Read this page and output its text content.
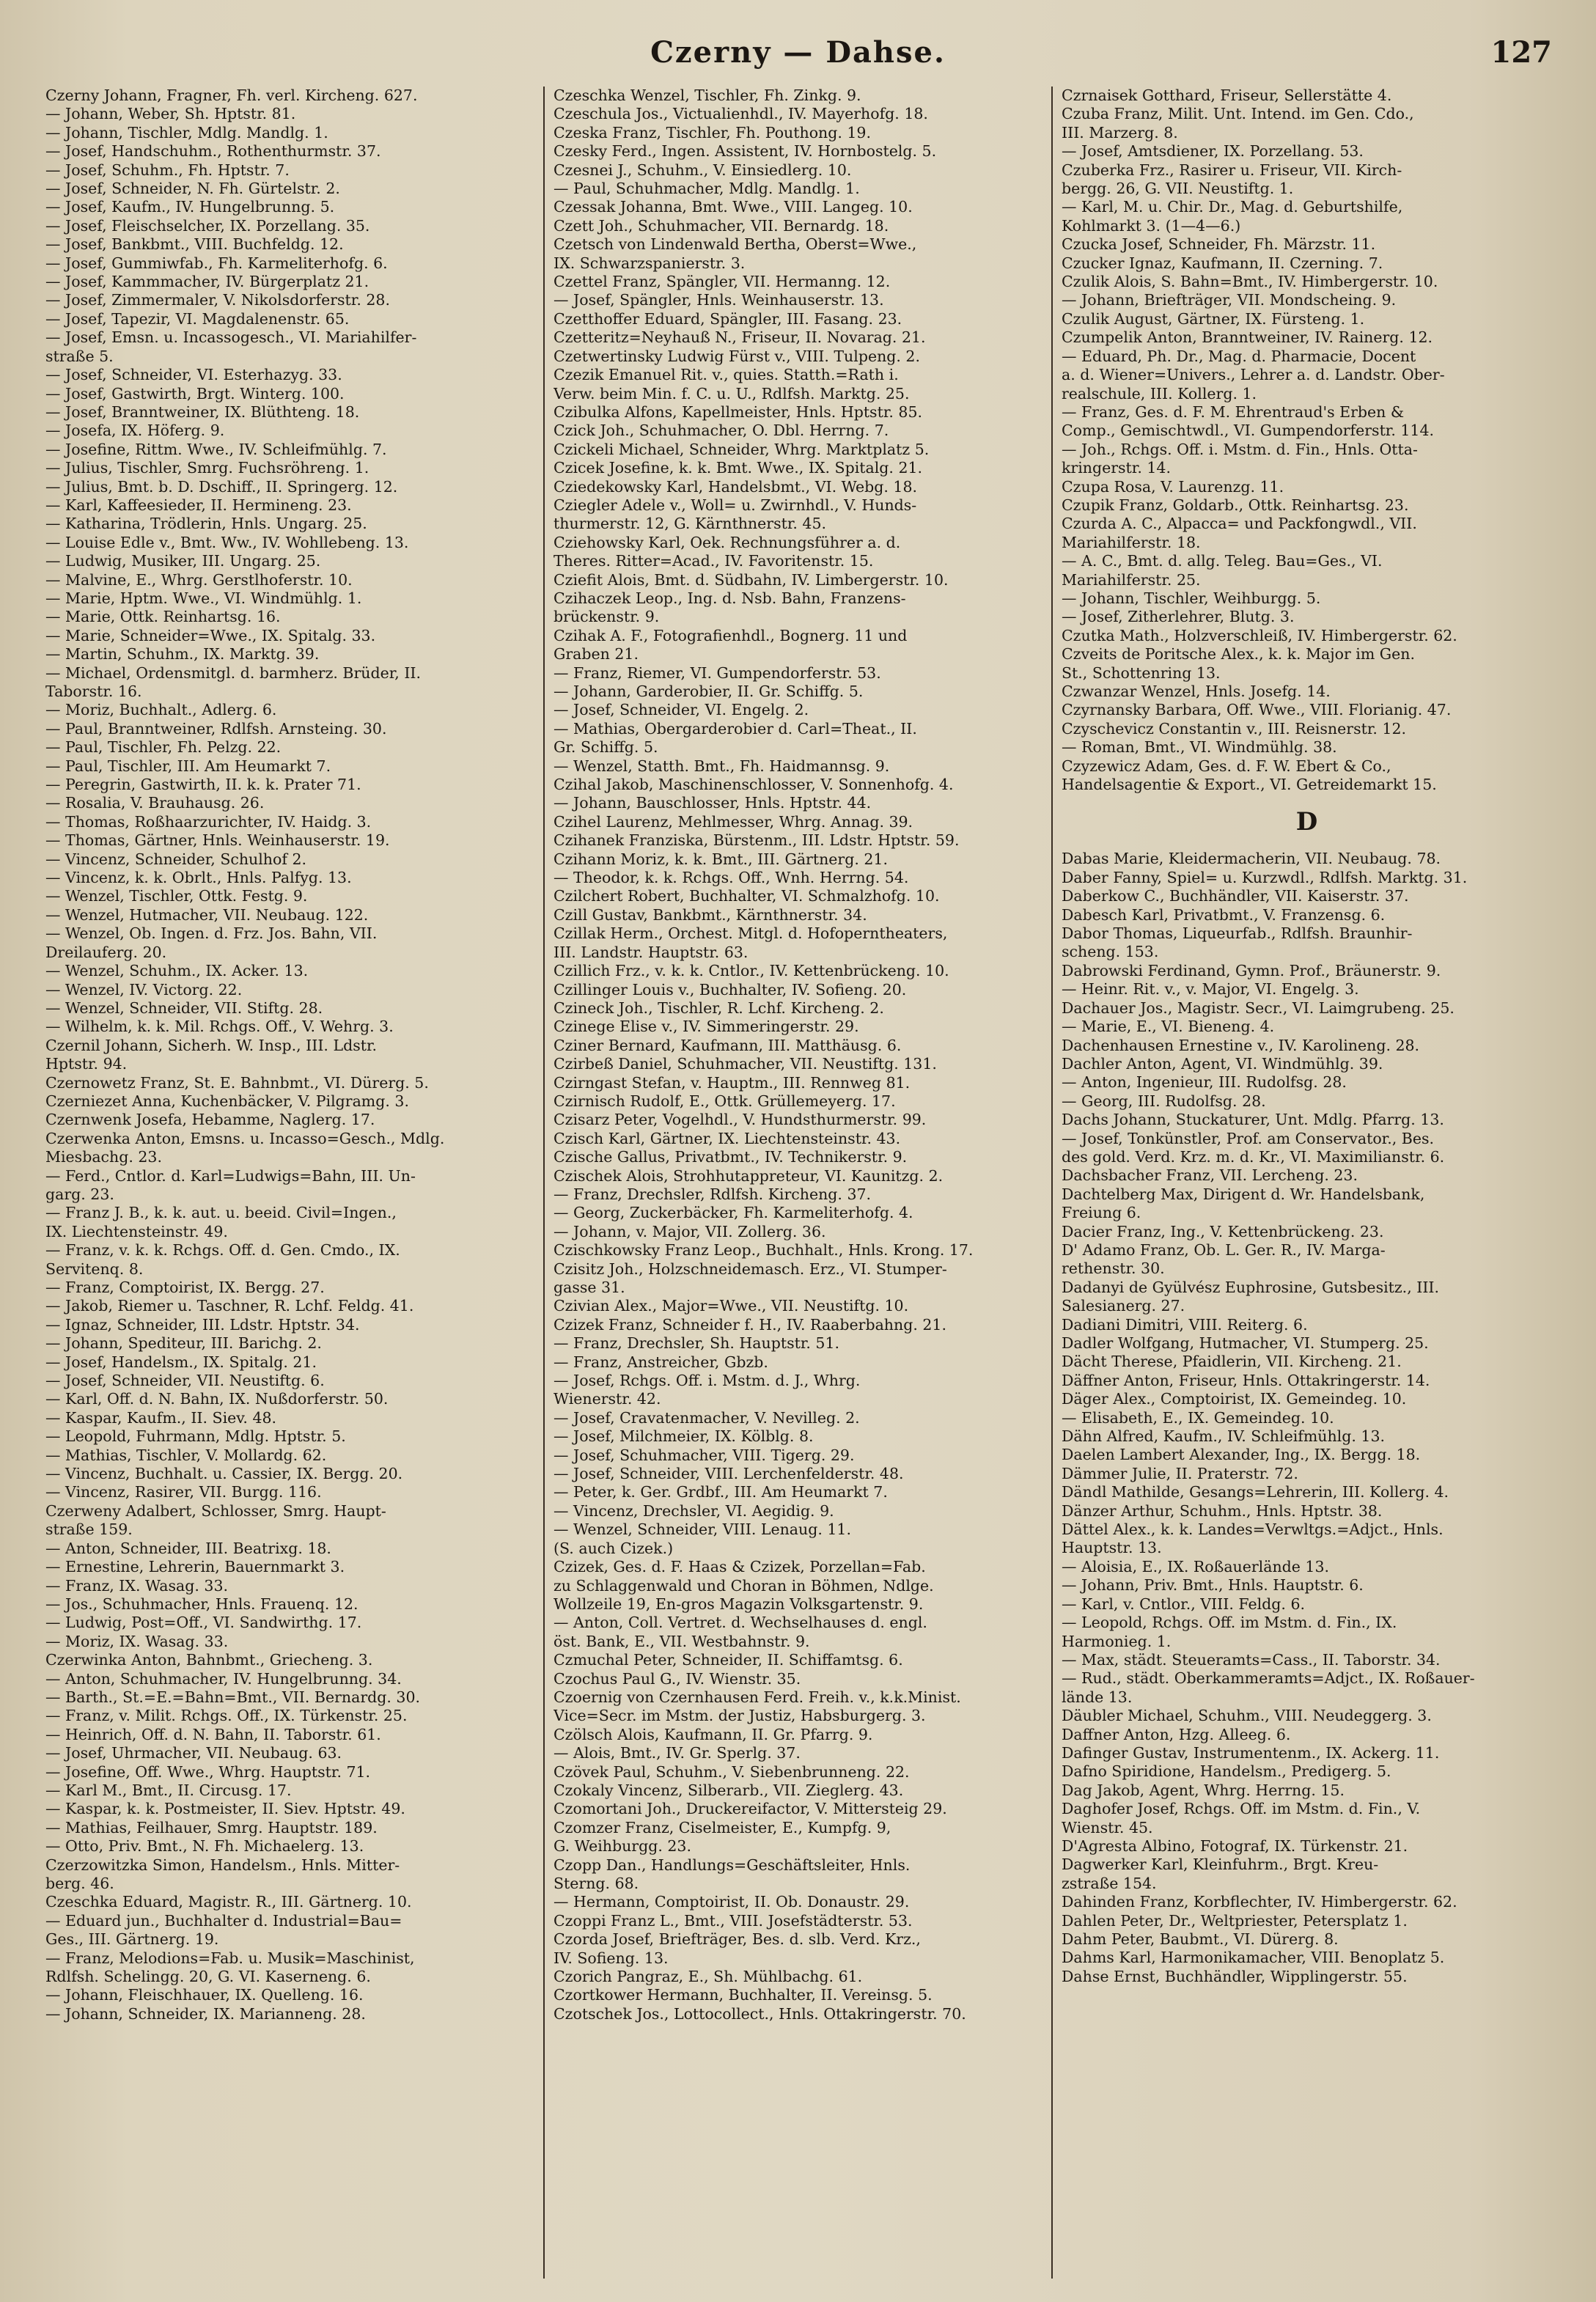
Czerny — Dahse.	127
Czerny Johann, Fragner, Fh. verl. Kircheng. 627.
— Johann, Weber, Sh. Hptstr. 81.
— Johann, Tischler, Mdlg. Mandlg. 1.
— Josef, Handschuhm., Rothenthurmstr. 37.
— Josef, Schuhm., Fh. Hptstr. 7.
— Josef, Schneider, N. Fh. Gürtelstr. 2.
— Josef, Kaufm., IV. Hungelbrunng. 5.
— Josef, Fleischselcher, IX. Porzellang. 35.
— Josef, Bankbmt., VIII. Buchfeldg. 12.
— Josef, Gummiwfab., Fh. Karmeliterhofg. 6.
— Josef, Kammmacher, IV. Bürgerplatz 21.
— Josef, Zimmermaler, V. Nikolsdorferstr. 28.
— Josef, Tapezir, VI. Magdalenenstr. 65.
— Josef, Emsn. u. Incassogesch., VI. Mariahilfer-
straße 5.
— Josef, Schneider, VI. Esterhazyg. 33.
— Josef, Gastwirth, Brgt. Winterg. 100.
— Josef, Branntweiner, IX. Blüthteng. 18.
— Josefa, IX. Höferg. 9.
— Josefine, Rittm. Wwe., IV. Schleifmühlg. 7.
— Julius, Tischler, Smrg. Fuchsröhreng. 1.
— Julius, Bmt. b. D. Dschiff., II. Springerg. 12.
— Karl, Kaffeesieder, II. Hermineng. 23.
— Katharina, Trödlerin, Hnls. Ungarg. 25.
— Louise Edle v., Bmt. Ww., IV. Wohllebeng. 13.
— Ludwig, Musiker, III. Ungarg. 25.
— Malvine, E., Whrg. Gerstlhoferstr. 10.
— Marie, Hptm. Wwe., VI. Windmühlg. 1.
— Marie, Ottk. Reinhartsg. 16.
— Marie, Schneider=Wwe., IX. Spitalg. 33.
— Martin, Schuhm., IX. Marktg. 39.
— Michael, Ordensmitgl. d. barmherz. Brüder, II.
Taborstr. 16.
— Moriz, Buchhalt., Adlerg. 6.
— Paul, Branntweiner, Rdlfsh. Arnsteing. 30.
— Paul, Tischler, Fh. Pelzg. 22.
— Paul, Tischler, III. Am Heumarkt 7.
— Peregrin, Gastwirth, II. k. k. Prater 71.
— Rosalia, V. Brauhausg. 26.
— Thomas, Roßhaarzurichter, IV. Haidg. 3.
— Thomas, Gärtner, Hnls. Weinhauserstr. 19.
— Vincenz, Schneider, Schulhof 2.
— Vincenz, k. k. Obrlt., Hnls. Palfyg. 13.
— Wenzel, Tischler, Ottk. Festg. 9.
— Wenzel, Hutmacher, VII. Neubaug. 122.
— Wenzel, Ob. Ingen. d. Frz. Jos. Bahn, VII.
Dreilauferg. 20.
— Wenzel, Schuhm., IX. Acker. 13.
— Wenzel, IV. Victorg. 22.
— Wenzel, Schneider, VII. Stiftg. 28.
— Wilhelm, k. k. Mil. Rchgs. Off., V. Wehrg. 3.
Czernil Johann, Sicherh. W. Insp., III. Ldstr.
Hptstr. 94.
Czernowetz Franz, St. E. Bahnbmt., VI. Dürerg. 5.
Czerniezet Anna, Kuchenbäcker, V. Pilgramg. 3.
Czernwenk Josefa, Hebamme, Naglerg. 17.
Czerwenka Anton, Emsns. u. Incasso=Gesch., Mdlg.
Miesbachg. 23.
— Ferd., Cntlor. d. Karl=Ludwigs=Bahn, III. Un-
garg. 23.
— Franz J. B., k. k. aut. u. beeid. Civil=Ingen.,
IX. Liechtensteinstr. 49.
— Franz, v. k. k. Rchgs. Off. d. Gen. Cmdo., IX.
Servitenq. 8.
— Franz, Comptoirist, IX. Bergg. 27.
— Jakob, Riemer u. Taschner, R. Lchf. Feldg. 41.
— Ignaz, Schneider, III. Ldstr. Hptstr. 34.
— Johann, Spediteur, III. Barichg. 2.
— Josef, Handelsm., IX. Spitalg. 21.
— Josef, Schneider, VII. Neustiftg. 6.
— Karl, Off. d. N. Bahn, IX. Nußdorferstr. 50.
— Kaspar, Kaufm., II. Siev. 48.
— Leopold, Fuhrmann, Mdlg. Hptstr. 5.
— Mathias, Tischler, V. Mollardg. 62.
— Vincenz, Buchhalt. u. Cassier, IX. Bergg. 20.
— Vincenz, Rasirer, VII. Burgg. 116.
Czerweny Adalbert, Schlosser, Smrg. Haupt-
straße 159.
— Anton, Schneider, III. Beatrixg. 18.
— Ernestine, Lehrerin, Bauernmarkt 3.
— Franz, IX. Wasag. 33.
— Jos., Schuhmacher, Hnls. Frauenq. 12.
— Ludwig, Post=Off., VI. Sandwirthg. 17.
— Moriz, IX. Wasag. 33.
Czerwinka Anton, Bahnbmt., Griecheng. 3.
— Anton, Schuhmacher, IV. Hungelbrunng. 34.
— Barth., St.=E.=Bahn=Bmt., VII. Bernardg. 30.
— Franz, v. Milit. Rchgs. Off., IX. Türkenstr. 25.
— Heinrich, Off. d. N. Bahn, II. Taborstr. 61.
— Josef, Uhrmacher, VII. Neubaug. 63.
— Josefine, Off. Wwe., Whrg. Hauptstr. 71.
— Karl M., Bmt., II. Circusg. 17.
— Kaspar, k. k. Postmeister, II. Siev. Hptstr. 49.
— Mathias, Feilhauer, Smrg. Hauptstr. 189.
— Otto, Priv. Bmt., N. Fh. Michaelerg. 13.
Czerzowitzka Simon, Handelsm., Hnls. Mitter-
berg. 46.
Czeschka Eduard, Magistr. R., III. Gärtnerg. 10.
— Eduard jun., Buchhalter d. Industrial=Bau=
Ges., III. Gärtnerg. 19.
— Franz, Melodions=Fab. u. Musik=Maschinist,
Rdlfsh. Schelingg. 20, G. VI. Kaserneng. 6.
— Johann, Fleischhauer, IX. Quelleng. 16.
— Johann, Schneider, IX. Marianneng. 28.
Czeschka Wenzel, Tischler, Fh. Zinkg. 9.
Czeschula Jos., Victualienhdl., IV. Mayerhofg. 18.
Czeska Franz, Tischler, Fh. Pouthong. 19.
Czesky Ferd., Ingen. Assistent, IV. Hornbostelg. 5.
Czesnei J., Schuhm., V. Einsiedlerg. 10.
— Paul, Schuhmacher, Mdlg. Mandlg. 1.
Czessak Johanna, Bmt. Wwe., VIII. Langeg. 10.
Czett Joh., Schuhmacher, VII. Bernardg. 18.
Czetsch von Lindenwald Bertha, Oberst=Wwe.,
IX. Schwarzspanierstr. 3.
Czettel Franz, Spängler, VII. Hermanng. 12.
— Josef, Spängler, Hnls. Weinhauserstr. 13.
Czetthoffer Eduard, Spängler, III. Fasang. 23.
Czetteritz=Neyhauß N., Friseur, II. Novarag. 21.
Czetwertinsky Ludwig Fürst v., VIII. Tulpeng. 2.
Czezik Emanuel Rit. v., quies. Statth.=Rath i.
Verw. beim Min. f. C. u. U., Rdlfsh. Marktg. 25.
Czibulka Alfons, Kapellmeister, Hnls. Hptstr. 85.
Czick Joh., Schuhmacher, O. Dbl. Herrng. 7.
Czickeli Michael, Schneider, Whrg. Marktplatz 5.
Czicek Josefine, k. k. Bmt. Wwe., IX. Spitalg. 21.
Cziedekowsky Karl, Handelsbmt., VI. Webg. 18.
Cziegler Adele v., Woll= u. Zwirnhdl., V. Hunds-
thurmerstr. 12, G. Kärnthnerstr. 45.
Cziehowsky Karl, Oek. Rechnungsführer a. d.
Theres. Ritter=Acad., IV. Favoritenstr. 15.
Cziefit Alois, Bmt. d. Südbahn, IV. Limbergerstr. 10.
Czihaczek Leop., Ing. d. Nsb. Bahn, Franzens-
brückenstr. 9.
Czihak A. F., Fotografienhdl., Bognerg. 11 und
Graben 21.
— Franz, Riemer, VI. Gumpendorferstr. 53.
— Johann, Garderobier, II. Gr. Schiffg. 5.
— Josef, Schneider, VI. Engelg. 2.
— Mathias, Obergarderobier d. Carl=Theat., II.
Gr. Schiffg. 5.
— Wenzel, Statth. Bmt., Fh. Haidmannsg. 9.
Czihal Jakob, Maschinenschlosser, V. Sonnenhofg. 4.
— Johann, Bauschlosser, Hnls. Hptstr. 44.
Czihel Laurenz, Mehlmesser, Whrg. Annag. 39.
Czihanek Franziska, Bürstenm., III. Ldstr. Hptstr. 59.
Czihann Moriz, k. k. Bmt., III. Gärtnerg. 21.
— Theodor, k. k. Rchgs. Off., Wnh. Herrng. 54.
Czilchert Robert, Buchhalter, VI. Schmalzhofg. 10.
Czill Gustav, Bankbmt., Kärnthnerstr. 34.
Czillak Herm., Orchest. Mitgl. d. Hofoperntheaters,
III. Landstr. Hauptstr. 63.
Czillich Frz., v. k. k. Cntlor., IV. Kettenbrückeng. 10.
Czillinger Louis v., Buchhalter, IV. Sofieng. 20.
Czineck Joh., Tischler, R. Lchf. Kircheng. 2.
Czinege Elise v., IV. Simmeringerstr. 29.
Cziner Bernard, Kaufmann, III. Matthäusg. 6.
Czirbeß Daniel, Schuhmacher, VII. Neustiftg. 131.
Czirngast Stefan, v. Hauptm., III. Rennweg 81.
Czirnisch Rudolf, E., Ottk. Grüllemeyerg. 17.
Czisarz Peter, Vogelhdl., V. Hundsthurmerstr. 99.
Czisch Karl, Gärtner, IX. Liechtensteinstr. 43.
Czische Gallus, Privatbmt., IV. Technikerstr. 9.
Czischek Alois, Strohhutappreteur, VI. Kaunitzg. 2.
— Franz, Drechsler, Rdlfsh. Kircheng. 37.
— Georg, Zuckerbäcker, Fh. Karmeliterhofg. 4.
— Johann, v. Major, VII. Zollerg. 36.
Czischkowsky Franz Leop., Buchhalt., Hnls. Krong. 17.
Czisitz Joh., Holzschneidemasch. Erz., VI. Stumper-
gasse 31.
Czivian Alex., Major=Wwe., VII. Neustiftg. 10.
Czizek Franz, Schneider f. H., IV. Raaberbahng. 21.
— Franz, Drechsler, Sh. Hauptstr. 51.
— Franz, Anstreicher, Gbzb.
— Josef, Rchgs. Off. i. Mstm. d. J., Whrg.
Wienerstr. 42.
— Josef, Cravatenmacher, V. Nevilleg. 2.
— Josef, Milchmeier, IX. Kölblg. 8.
— Josef, Schuhmacher, VIII. Tigerg. 29.
— Josef, Schneider, VIII. Lerchenfelderstr. 48.
— Peter, k. Ger. Grdbf., III. Am Heumarkt 7.
— Vincenz, Drechsler, VI. Aegidig. 9.
— Wenzel, Schneider, VIII. Lenaug. 11.
(S. auch Cizek.)
Czizek, Ges. d. F. Haas & Czizek, Porzellan=Fab.
zu Schlaggenwald und Choran in Böhmen, Ndlge.
Wollzeile 19, En-gros Magazin Volksgartenstr. 9.
— Anton, Coll. Vertret. d. Wechselhauses d. engl.
öst. Bank, E., VII. Westbahnstr. 9.
Czmuchal Peter, Schneider, II. Schiffamtsg. 6.
Czochus Paul G., IV. Wienstr. 35.
Czoernig von Czernhausen Ferd. Freih. v., k.k.Minist.
Vice=Secr. im Mstm. der Justiz, Habsburgerg. 3.
Czölsch Alois, Kaufmann, II. Gr. Pfarrg. 9.
— Alois, Bmt., IV. Gr. Sperlg. 37.
Czövek Paul, Schuhm., V. Siebenbrunneng. 22.
Czokaly Vincenz, Silberarb., VII. Zieglerg. 43.
Czomortani Joh., Druckereifactor, V. Mittersteig 29.
Czomzer Franz, Ciselmeister, E., Kumpfg. 9,
G. Weihburgg. 23.
Czopp Dan., Handlungs=Geschäftsleiter, Hnls.
Sterng. 68.
— Hermann, Comptoirist, II. Ob. Donaustr. 29.
Czoppi Franz L., Bmt., VIII. Josefstädterstr. 53.
Czorda Josef, Briefträger, Bes. d. slb. Verd. Krz.,
IV. Sofieng. 13.
Czorich Pangraz, E., Sh. Mühlbachg. 61.
Czortkower Hermann, Buchhalter, II. Vereinsg. 5.
Czotschek Jos., Lottocollect., Hnls. Ottakringerstr. 70.
Czrnaisek Gotthard, Friseur, Sellerstätte 4.
Czuba Franz, Milit. Unt. Intend. im Gen. Cdo.,
III. Marzerg. 8.
— Josef, Amtsdiener, IX. Porzellang. 53.
Czuberka Frz., Rasirer u. Friseur, VII. Kirch-
bergg. 26, G. VII. Neustiftg. 1.
— Karl, M. u. Chir. Dr., Mag. d. Geburtshilfe,
Kohlmarkt 3. (1—4—6.)
Czucka Josef, Schneider, Fh. Märzstr. 11.
Czucker Ignaz, Kaufmann, II. Czerning. 7.
Czulik Alois, S. Bahn=Bmt., IV. Himbergerstr. 10.
— Johann, Briefträger, VII. Mondscheing. 9.
Czulik August, Gärtner, IX. Fürsteng. 1.
Czumpelik Anton, Branntweiner, IV. Rainerg. 12.
— Eduard, Ph. Dr., Mag. d. Pharmacie, Docent
a. d. Wiener=Univers., Lehrer a. d. Landstr. Ober-
realschule, III. Kollerg. 1.
— Franz, Ges. d. F. M. Ehrentraud's Erben &
Comp., Gemischtwdl., VI. Gumpendorferstr. 114.
— Joh., Rchgs. Off. i. Mstm. d. Fin., Hnls. Otta-
kringerstr. 14.
Czupa Rosa, V. Laurenzg. 11.
Czupik Franz, Goldarb., Ottk. Reinhartsg. 23.
Czurda A. C., Alpacca= und Packfongwdl., VII.
Mariahilferstr. 18.
— A. C., Bmt. d. allg. Teleg. Bau=Ges., VI.
Mariahilferstr. 25.
— Johann, Tischler, Weihburgg. 5.
— Josef, Zitherlehrer, Blutg. 3.
Czutka Math., Holzverschleiß, IV. Himbergerstr. 62.
Czveits de Poritsche Alex., k. k. Major im Gen.
St., Schottenring 13.
Czwanzar Wenzel, Hnls. Josefg. 14.
Czyrnansky Barbara, Off. Wwe., VIII. Florianig. 47.
Czyschevicz Constantin v., III. Reisnerstr. 12.
— Roman, Bmt., VI. Windmühlg. 38.
Czyzewicz Adam, Ges. d. F. W. Ebert & Co.,
Handelsagentie & Export., VI. Getreidemarkt 15.
D
Dabas Marie, Kleidermacherin, VII. Neubaug. 78.
Daber Fanny, Spiel= u. Kurzwdl., Rdlfsh. Marktg. 31.
Daberkow C., Buchhändler, VII. Kaiserstr. 37.
Dabesch Karl, Privatbmt., V. Franzensg. 6.
Dabor Thomas, Liqueurfab., Rdlfsh. Braunhir-
scheng. 153.
Dabrowski Ferdinand, Gymn. Prof., Bräunerstr. 9.
— Heinr. Rit. v., v. Major, VI. Engelg. 3.
Dachauer Jos., Magistr. Secr., VI. Laimgrubeng. 25.
— Marie, E., VI. Bieneng. 4.
Dachenhausen Ernestine v., IV. Karolineng. 28.
Dachler Anton, Agent, VI. Windmühlg. 39.
— Anton, Ingenieur, III. Rudolfsg. 28.
— Georg, III. Rudolfsg. 28.
Dachs Johann, Stuckaturer, Unt. Mdlg. Pfarrg. 13.
— Josef, Tonkünstler, Prof. am Conservator., Bes.
des gold. Verd. Krz. m. d. Kr., VI. Maximilianstr. 6.
Dachsbacher Franz, VII. Lercheng. 23.
Dachtelberg Max, Dirigent d. Wr. Handelsbank,
Freiung 6.
Dacier Franz, Ing., V. Kettenbrückeng. 23.
D' Adamo Franz, Ob. L. Ger. R., IV. Marga-
rethenstr. 30.
Dadanyi de Gyülvész Euphrosine, Gutsbesitz., III.
Salesianerg. 27.
Dadiani Dimitri, VIII. Reiterg. 6.
Dadler Wolfgang, Hutmacher, VI. Stumperg. 25.
Dächt Therese, Pfaidlerin, VII. Kircheng. 21.
Däffner Anton, Friseur, Hnls. Ottakringerstr. 14.
Däger Alex., Comptoirist, IX. Gemeindeg. 10.
— Elisabeth, E., IX. Gemeindeg. 10.
Dähn Alfred, Kaufm., IV. Schleifmühlg. 13.
Daelen Lambert Alexander, Ing., IX. Bergg. 18.
Dämmer Julie, II. Praterstr. 72.
Dändl Mathilde, Gesangs=Lehrerin, III. Kollerg. 4.
Dänzer Arthur, Schuhm., Hnls. Hptstr. 38.
Dättel Alex., k. k. Landes=Verwltgs.=Adjct., Hnls.
Hauptstr. 13.
— Aloisia, E., IX. Roßauerlände 13.
— Johann, Priv. Bmt., Hnls. Hauptstr. 6.
— Karl, v. Cntlor., VIII. Feldg. 6.
— Leopold, Rchgs. Off. im Mstm. d. Fin., IX.
Harmonieg. 1.
— Max, städt. Steueramts=Cass., II. Taborstr. 34.
— Rud., städt. Oberkammeramts=Adjct., IX. Roßauer-
lände 13.
Däubler Michael, Schuhm., VIII. Neudeggerg. 3.
Daffner Anton, Hzg. Alleeg. 6.
Dafinger Gustav, Instrumentenm., IX. Ackerg. 11.
Dafno Spiridione, Handelsm., Predigerg. 5.
Dag Jakob, Agent, Whrg. Herrng. 15.
Daghofer Josef, Rchgs. Off. im Mstm. d. Fin., V.
Wienstr. 45.
D'Agresta Albino, Fotograf, IX. Türkenstr. 21.
Dagwerker Karl, Kleinfuhrm., Brgt. Kreu-
zstraße 154.
Dahinden Franz, Korbflechter, IV. Himbergerstr. 62.
Dahlen Peter, Dr., Weltpriester, Petersplatz 1.
Dahm Peter, Baubmt., VI. Dürerg. 8.
Dahms Karl, Harmonikamacher, VIII. Benoplatz 5.
Dahse Ernst, Buchhändler, Wipplingerstr. 55.
